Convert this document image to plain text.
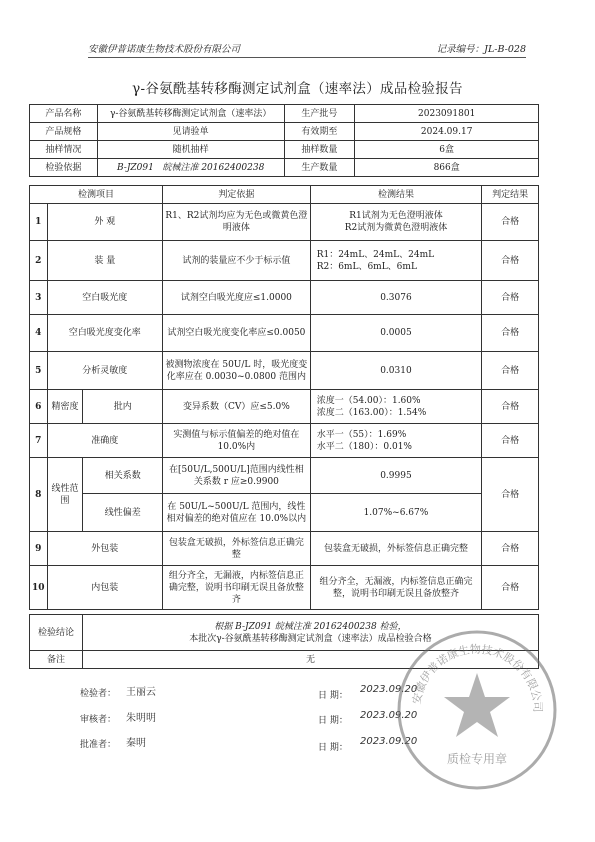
安徽伊普诺康生物技术股份有限公司	记录编号：JL-B-028
γ-谷氨酰基转移酶测定试剂盒（速率法）成品检验报告
产品名称	γ-谷氨酰基转移酶测定试剂盒（速率法）	生产批号	2023091801
产品规格	见请验单	有效期至	2024.09.17
抽样情况	随机抽样	抽样数量	6盒
检验依据	B-JZ091 皖械注准 20162400238	生产数量	866盒
检测项目			判定依据	检测结果	判定结果
1	外 观		R1、R2试剂均应为无色或微黄色澄明液体	R1试剂为无色澄明液体
R2试剂为微黄色澄明液体	合格
2	装 量		试剂的装量应不少于标示值	R1：24mL、24mL、24mL
R2：6mL、6mL、6mL	合格
3	空白吸光度		试剂空白吸光度应≤1.0000	0.3076	合格
4	空白吸光度变化率		试剂空白吸光度变化率应≤0.0050	0.0005	合格
5	分析灵敏度		被测物浓度在 50U/L 时，吸光度变化率应在 0.0030~0.0800 范围内	0.0310	合格
6	精密度	批内	变异系数（CV）应≤5.0%	浓度一（54.00）：1.60%
浓度二（163.00）：1.54%	合格
7	准确度		实测值与标示值偏差的绝对值在 10.0%内	水平一（55）：1.69%
水平二（180）：0.01%	合格
8	线性范围	相关系数	在[50U/L,500U/L]范围内线性相关系数 r 应≥0.9900	0.9995	合格
		线性偏差	在 50U/L~500U/L 范围内，线性相对偏差的绝对值应在 10.0%以内	1.07%~6.67%	
9	外包装		包装盒无破损，外标签信息正确完整	包装盒无破损，外标签信息正确完整	合格
10	内包装		组分齐全，无漏液，内标签信息正确完整，说明书印刷无误且备放整齐	组分齐全，无漏液，内标签信息正确完整，说明书印刷无误且备放整齐	合格
检验结论	根据 B-JZ091 皖械注准 20162400238 检验，
本批次γ-谷氨酰基转移酶测定试剂盒（速率法）成品检验合格

备注	无
检验者： 王丽云	日 期：
2023.09.20
审核者： 朱明明	日 期： 2023.09.20
批准者： 秦明	日 期：
2023.09.20
安徽伊普诺康生物技术股份有限公司
质检专用章
